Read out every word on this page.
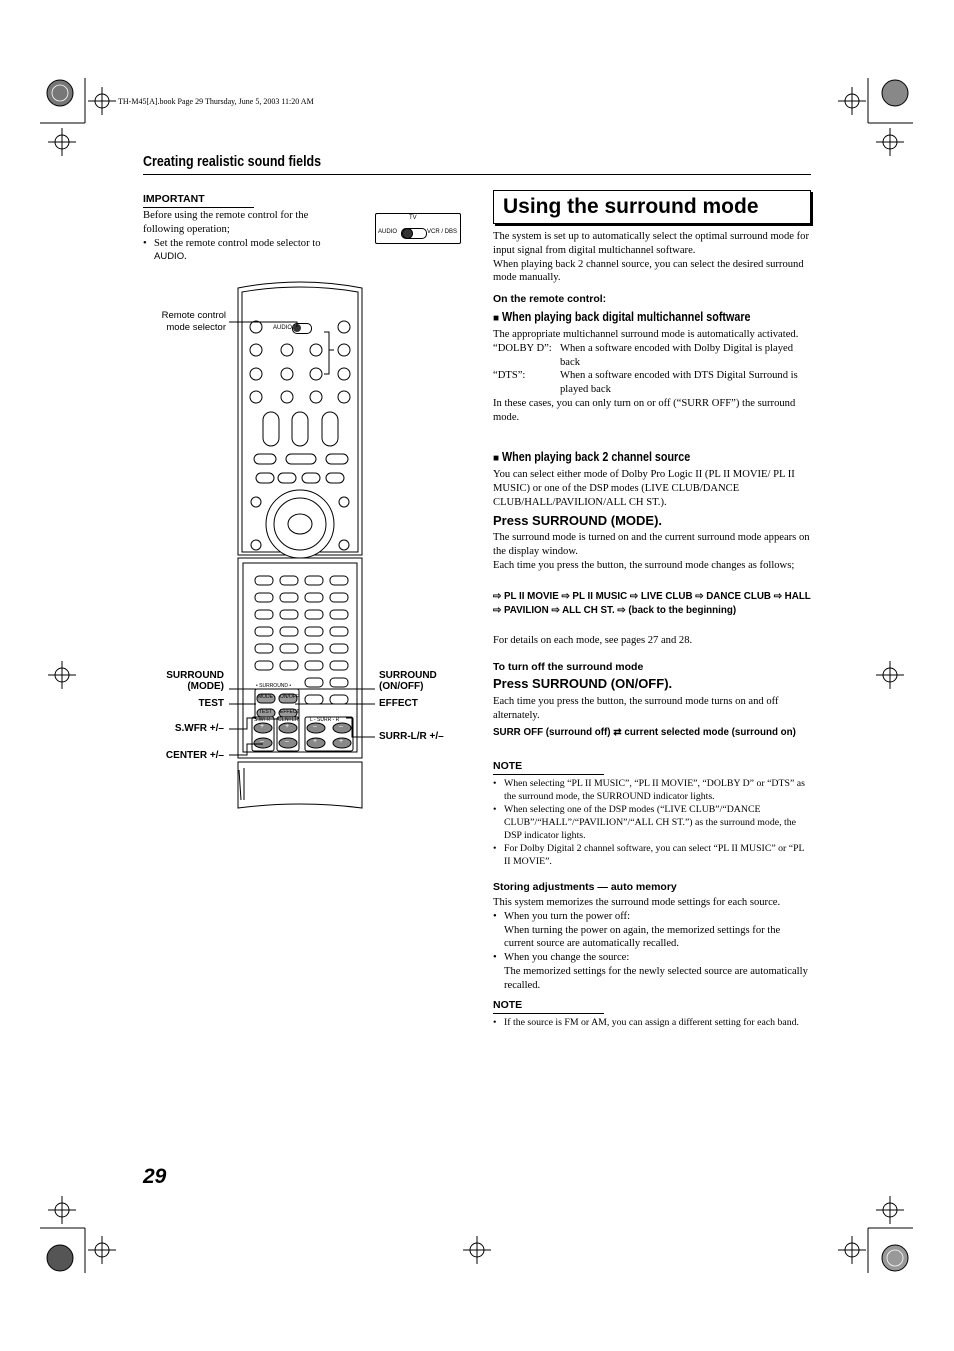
TH-M45[A].book Page 29 Thursday, June 5, 2003 11:20 AM
Creating realistic sound fields
IMPORTANT
Before using the remote control for the following operation;
• Set the remote control mode selector to AUDIO.
TV
AUDIO	VCR / DBS
AUDIO
• SURROUND •
MODE ON/OFF
TEST EFFECT
S.WFR CENTER L - SURR - R
+
–
+
–
–
+
–
+
Remote control
mode selector
SURROUND
(MODE)
TEST
S.WFR +/–
CENTER +/–
SURROUND
(ON/OFF)
EFFECT
SURR-L/R +/–
Using the surround mode
The system is set up to automatically select the optimal surround mode for input signal from digital multichannel software.
When playing back 2 channel source, you can select the desired surround mode manually.
On the remote control:
■ When playing back digital multichannel software
The appropriate multichannel surround mode is automatically activated.
“DOLBY D”: When a software encoded with Dolby Digital is played back
“DTS”:	When a software encoded with DTS Digital Surround is played back
In these cases, you can only turn on or off (“SURR OFF”) the surround mode.
■ When playing back 2 channel source
You can select either mode of Dolby Pro Logic II (PL II MOVIE/ PL II MUSIC) or one of the DSP modes (LIVE CLUB/DANCE CLUB/HALL/PAVILION/ALL CH ST.).
Press SURROUND (MODE).
The surround mode is turned on and the current surround mode appears on the display window.
Each time you press the button, the surround mode changes as follows;
⇨ PL II MOVIE ⇨ PL II MUSIC ⇨ LIVE CLUB ⇨ DANCE CLUB ⇨ HALL ⇨ PAVILION ⇨ ALL CH ST. ⇨ (back to the beginning)
For details on each mode, see pages 27 and 28.
To turn off the surround mode
Press SURROUND (ON/OFF).
Each time you press the button, the surround mode turns on and off alternately.
SURR OFF (surround off) ⇄ current selected mode (surround on)
NOTE
• When selecting “PL II MUSIC”, “PL II MOVIE”, “DOLBY D” or “DTS” as the surround mode, the SURROUND indicator lights.
• When selecting one of the DSP modes (“LIVE CLUB”/“DANCE CLUB”/“HALL”/“PAVILION”/“ALL CH ST.”) as the surround mode, the DSP indicator lights.
• For Dolby Digital 2 channel software, you can select “PL II MUSIC” or “PL II MOVIE”.
Storing adjustments — auto memory
This system memorizes the surround mode settings for each source.
• When you turn the power off:
When turning the power on again, the memorized settings for the current source are automatically recalled.
• When you change the source:
The memorized settings for the newly selected source are automatically recalled.
NOTE
• If the source is FM or AM, you can assign a different setting for each band.
29
